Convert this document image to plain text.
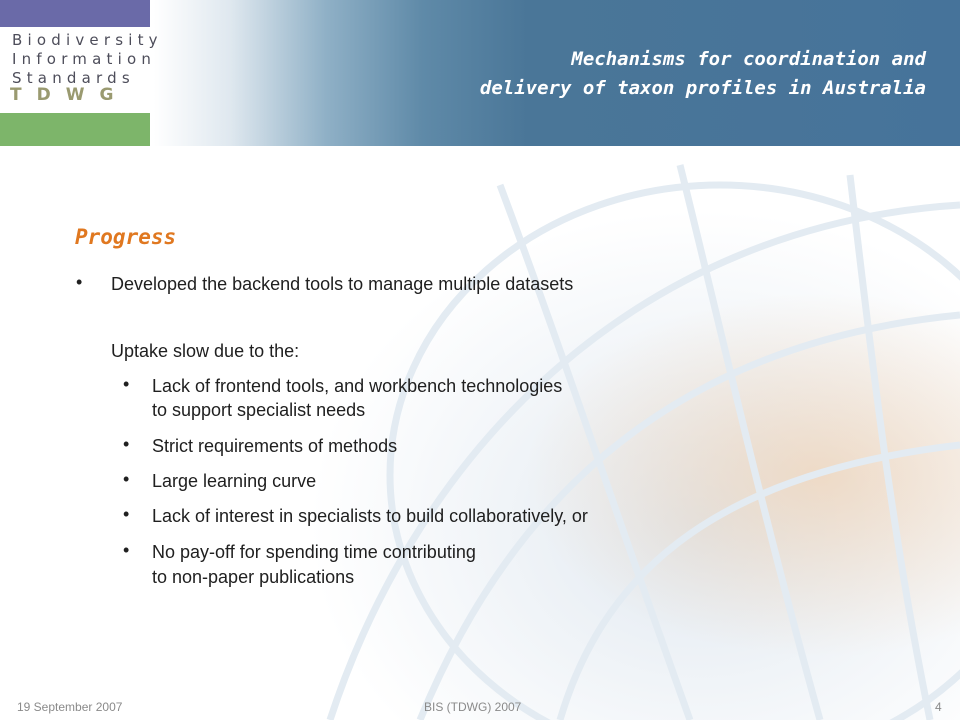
Biodiversity
Information
Standards
TDWG
Mechanisms for coordination and
delivery of taxon profiles in Australia
Progress
• Developed the backend tools to manage multiple datasets
Uptake slow due to the:
• Lack of frontend tools, and workbench technologies
to support specialist needs
• Strict requirements of methods
• Large learning curve
• Lack of interest in specialists to build collaboratively, or
• No pay-off for spending time contributing
to non-paper publications
19 September 2007	BIS (TDWG) 2007	4
